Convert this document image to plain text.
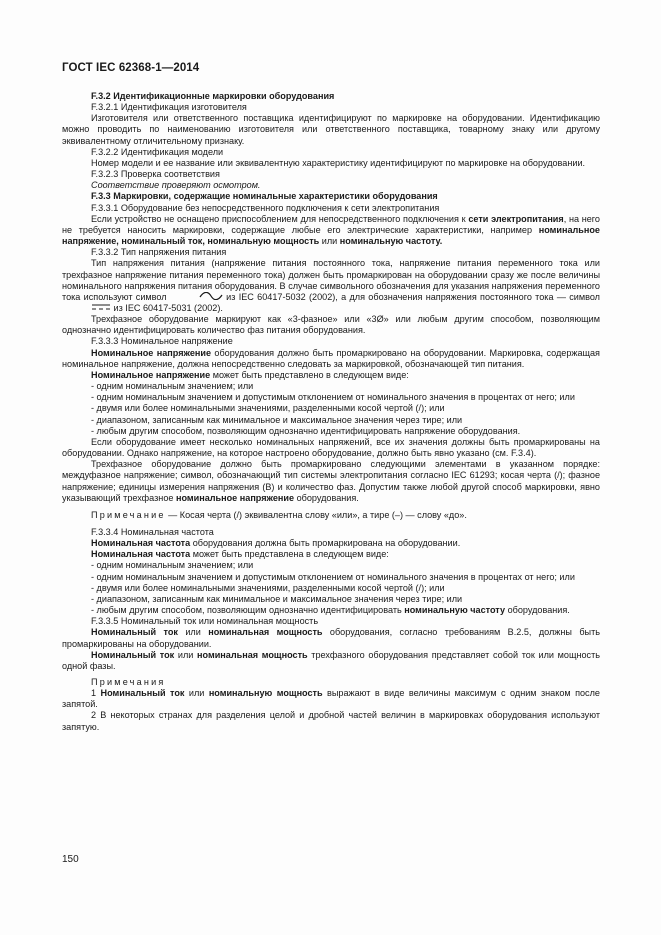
ГОСТ IEC 62368-1—2014

F.3.2 Идентификационные маркировки оборудования

F.3.2.1 Идентификация изготовителя

Изготовителя или ответственного поставщика идентифицируют по маркировке на оборудовании. Идентификацию можно проводить по наименованию изготовителя или ответственного поставщика, товарному знаку или другому эквивалентному отличительному признаку.

F.3.2.2 Идентификация модели

Номер модели и ее название или эквивалентную характеристику идентифицируют по маркировке на оборудовании.

F.3.2.3 Проверка соответствия

Соответствие проверяют осмотром.

F.3.3 Маркировки, содержащие номинальные характеристики оборудования

F.3.3.1 Оборудование без непосредственного подключения к сети электропитания

Если устройство не оснащено приспособлением для непосредственного подключения к сети электропитания, на него не требуется наносить маркировки, содержащие любые его электрические характеристики, например номинальное напряжение, номинальный ток, номинальную мощность или номинальную частоту.

F.3.3.2 Тип напряжения питания

Тип напряжения питания (напряжение питания постоянного тока, напряжение питания переменного тока или трехфазное напряжение питания переменного тока) должен быть промаркирован на оборудовании сразу же после величины номинального напряжения питания оборудования. В случае символьного обозначения для указания напряжения переменного тока используют символ	из IEC 60417-5032 (2002), а для обозначения напряжения постоянного тока — символ  из IEC 60417-5031 (2002).

Трехфазное оборудование маркируют как «3-фазное» или «3Ø» или любым другим способом, позволяющим однозначно идентифицировать количество фаз питания оборудования.

F.3.3.3 Номинальное напряжение

Номинальное напряжение оборудования должно быть промаркировано на оборудовании. Маркировка, содержащая номинальное напряжение, должна непосредственно следовать за маркировкой, обозначающей тип питания.

Номинальное напряжение может быть представлено в следующем виде:

- одним номинальным значением; или

- одним номинальным значением и допустимым отклонением от номинального значения в процентах от него; или

- двумя или более номинальными значениями, разделенными косой чертой (/); или

- диапазоном, записанным как минимальное и максимальное значения через тире; или

- любым другим способом, позволяющим однозначно идентифицировать напряжение оборудования.

Если оборудование имеет несколько номинальных напряжений, все их значения должны быть промаркированы на оборудовании. Однако напряжение, на которое настроено оборудование, должно быть явно указано (см. F.3.4).

Трехфазное оборудование должно быть промаркировано следующими элементами в указанном порядке: междуфазное напряжение; символ, обозначающий тип системы электропитания согласно IEC 61293; косая черта (/); фазное напряжение; единицы измерения напряжения (В) и количество фаз. Допустим также любой другой способ маркировки, явно указывающий трехфазное номинальное напряжение оборудования.

Примечание — Косая черта (/) эквивалентна слову «или», а тире (–) — слову «до».

F.3.3.4 Номинальная частота

Номинальная частота оборудования должна быть промаркирована на оборудовании.

Номинальная частота может быть представлена в следующем виде:

- одним номинальным значением; или

- одним номинальным значением и допустимым отклонением от номинального значения в процентах от него; или

- двумя или более номинальными значениями, разделенными косой чертой (/); или

- диапазоном, записанным как минимальное и максимальное значения через тире; или

- любым другим способом, позволяющим однозначно идентифицировать номинальную частоту оборудования.

F.3.3.5 Номинальный ток или номинальная мощность

Номинальный ток или номинальная мощность оборудования, согласно требованиям B.2.5, должны быть промаркированы на оборудовании.

Номинальный ток или номинальная мощность трехфазного оборудования представляет собой ток или мощность одной фазы.

Примечания

1 Номинальный ток или номинальную мощность выражают в виде величины максимум с одним знаком после запятой.

2 В некоторых странах для разделения целой и дробной частей величин в маркировках оборудования используют запятую.

150
